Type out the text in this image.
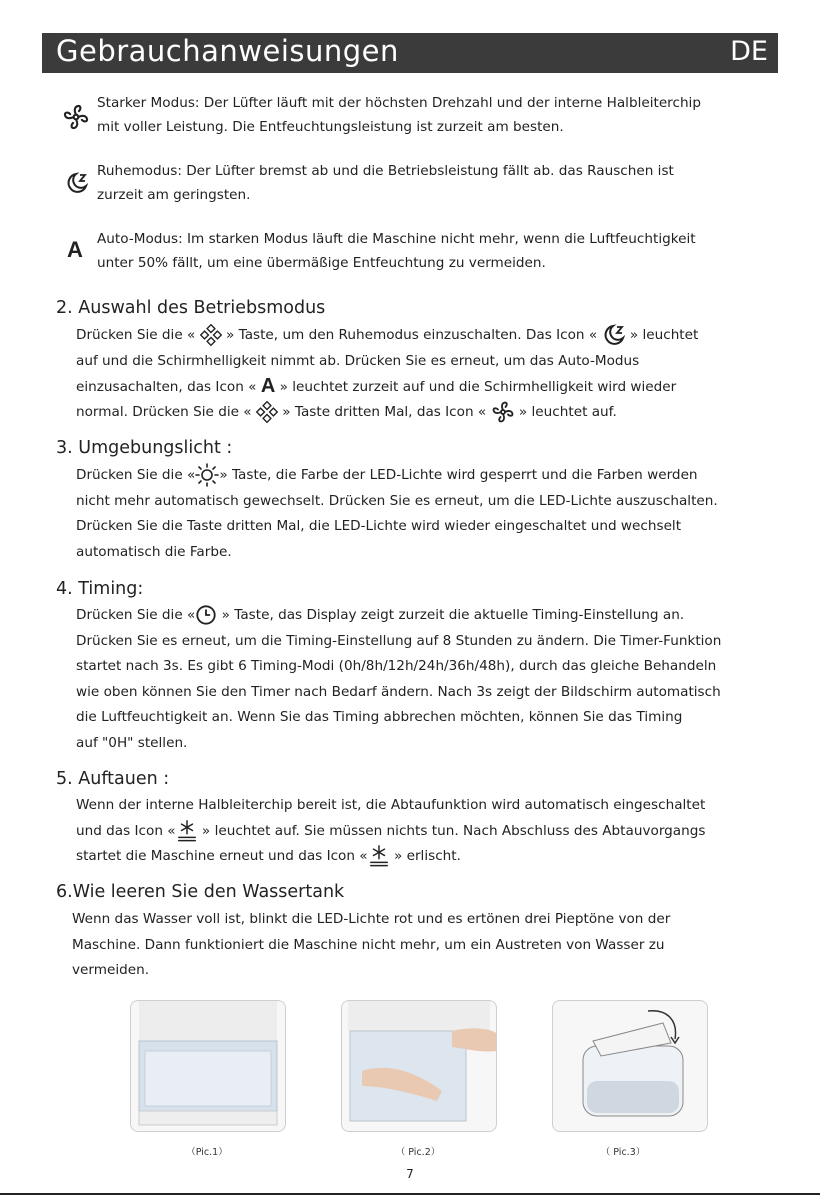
Gebrauchanweisungen	DE
Starker Modus: Der Lüfter läuft mit der höchsten Drehzahl und der interne Halbleiterchip
mit voller Leistung. Die Entfeuchtungsleistung ist zurzeit am besten.
Ruhemodus: Der Lüfter bremst ab und die Betriebsleistung fällt ab. das Rauschen ist
zurzeit am geringsten.
A	Auto-Modus: Im starken Modus läuft die Maschine nicht mehr, wenn die Luftfeuchtigkeit
unter 50% fällt, um eine übermäßige Entfeuchtung zu vermeiden.
2. Auswahl des Betriebsmodus
Drücken Sie die « » Taste, um den Ruhemodus einzuschalten. Das Icon « » leuchtet
auf und die Schirmhelligkeit nimmt ab. Drücken Sie es erneut, um das Auto-Modus
einzusachalten, das Icon « A » leuchtet zurzeit auf und die Schirmhelligkeit wird wieder
normal. Drücken Sie die « » Taste dritten Mal, das Icon « » leuchtet auf.
3. Umgebungslicht :
Drücken Sie die « » Taste, die Farbe der LED-Lichte wird gesperrt und die Farben werden
nicht mehr automatisch gewechselt. Drücken Sie es erneut, um die LED-Lichte auszuschalten.
Drücken Sie die Taste dritten Mal, die LED-Lichte wird wieder eingeschaltet und wechselt
automatisch die Farbe.
4. Timing:
Drücken Sie die « » Taste, das Display zeigt zurzeit die aktuelle Timing-Einstellung an.
Drücken Sie es erneut, um die Timing-Einstellung auf 8 Stunden zu ändern. Die Timer-Funktion
startet nach 3s. Es gibt 6 Timing-Modi (0h/8h/12h/24h/36h/48h), durch das gleiche Behandeln
wie oben können Sie den Timer nach Bedarf ändern. Nach 3s zeigt der Bildschirm automatisch
die Luftfeuchtigkeit an. Wenn Sie das Timing abbrechen möchten, können Sie das Timing
auf "0H" stellen.
5. Auftauen :
Wenn der interne Halbleiterchip bereit ist, die Abtaufunktion wird automatisch eingeschaltet
und das Icon « » leuchtet auf. Sie müssen nichts tun. Nach Abschluss des Abtauvorgangs
startet die Maschine erneut und das Icon « » erlischt.
6.Wie leeren Sie den Wassertank
Wenn das Wasser voll ist, blinkt die LED-Lichte rot und es ertönen drei Pieptöne von der
Maschine. Dann funktioniert die Maschine nicht mehr, um ein Austreten von Wasser zu
vermeiden.
（Pic.1）	（ Pic.2）	（ Pic.3）
7
